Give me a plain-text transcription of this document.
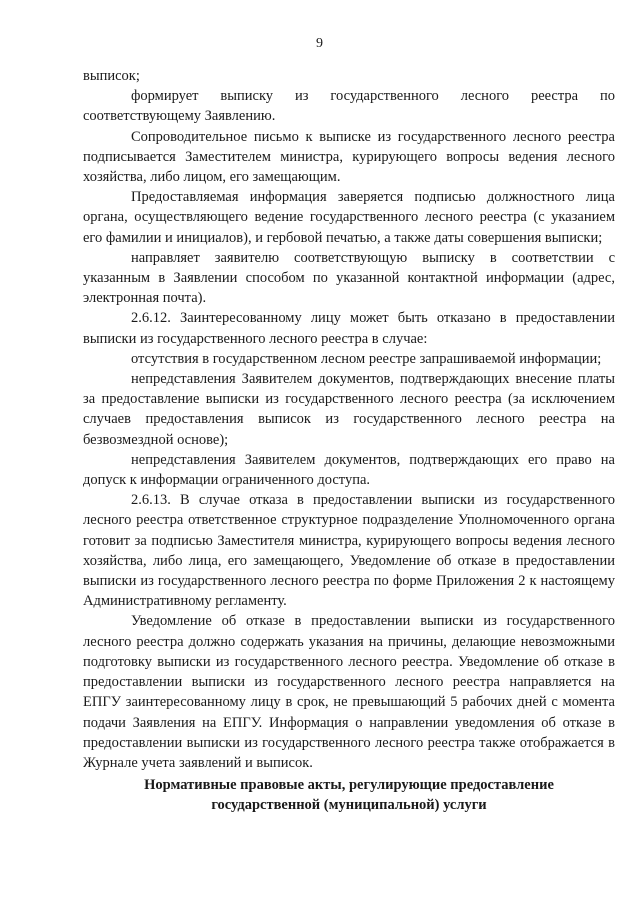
9

выписок;

формирует выписку из государственного лесного реестра по соответствующему Заявлению.

Сопроводительное письмо к выписке из государственного лесного реестра подписывается Заместителем министра, курирующего вопросы ведения лесного хозяйства, либо лицом, его замещающим.

Предоставляемая информация заверяется подписью должностного лица органа, осуществляющего ведение государственного лесного реестра (с указанием его фамилии и инициалов), и гербовой печатью, а также даты совершения выписки;

направляет заявителю соответствующую выписку в соответствии с указанным в Заявлении способом по указанной контактной информации (адрес, электронная почта).

2.6.12. Заинтересованному лицу может быть отказано в предоставлении выписки из государственного лесного реестра в случае:

отсутствия в государственном лесном реестре запрашиваемой информации;

непредставления Заявителем документов, подтверждающих внесение платы за предоставление выписки из государственного лесного реестра (за исключением случаев предоставления выписок из государственного лесного реестра на безвозмездной основе);

непредставления Заявителем документов, подтверждающих его право на допуск к информации ограниченного доступа.

2.6.13. В случае отказа в предоставлении выписки из государственного лесного реестра ответственное структурное подразделение Уполномоченного органа готовит за подписью Заместителя министра, курирующего вопросы ведения лесного хозяйства, либо лица, его замещающего, Уведомление об отказе в предоставлении выписки из государственного лесного реестра по форме Приложения 2 к настоящему Административному регламенту.

Уведомление об отказе в предоставлении выписки из государственного лесного реестра должно содержать указания на причины, делающие невозможными подготовку выписки из государственного лесного реестра. Уведомление об отказе в предоставлении выписки из государственного лесного реестра направляется на ЕПГУ заинтересованному лицу в срок, не превышающий 5 рабочих дней с момента подачи Заявления на ЕПГУ. Информация о направлении уведомления об отказе в предоставлении выписки из государственного лесного реестра также отображается в Журнале учета заявлений и выписок.

Нормативные правовые акты, регулирующие предоставление
государственной (муниципальной) услуги
